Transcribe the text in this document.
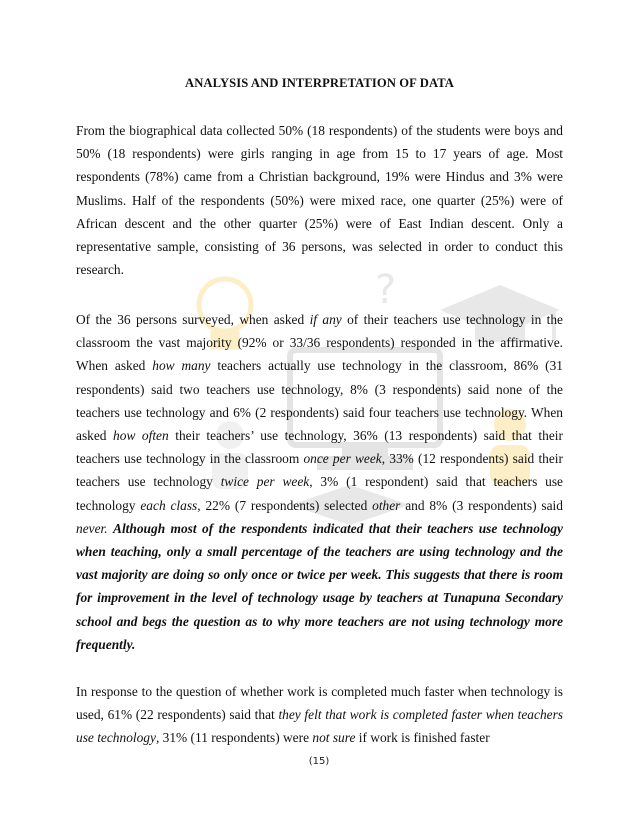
?
ANALYSIS AND INTERPRETATION OF DATA

From the biographical data collected 50% (18 respondents) of the students were boys and 50% (18 respondents) were girls ranging in age from 15 to 17 years of age. Most respondents (78%) came from a Christian background, 19% were Hindus and 3% were Muslims. Half of the respondents (50%) were mixed race, one quarter (25%) were of African descent and the other quarter (25%) were of East Indian descent. Only a representative sample, consisting of 36 persons, was selected in order to conduct this research.

Of the 36 persons surveyed, when asked if any of their teachers use technology in the classroom the vast majority (92% or 33/36 respondents) responded in the affirmative. When asked how many teachers actually use technology in the classroom, 86% (31 respondents) said two teachers use technology, 8% (3 respondents) said none of the teachers use technology and 6% (2 respondents) said four teachers use technology. When asked how often their teachers’ use technology, 36% (13 respondents) said that their teachers use technology in the classroom once per week, 33% (12 respondents) said their teachers use technology twice per week, 3% (1 respondent) said that teachers use technology each class, 22% (7 respondents) selected other and 8% (3 respondents) said never. Although most of the respondents indicated that their teachers use technology when teaching, only a small percentage of the teachers are using technology and the vast majority are doing so only once or twice per week. This suggests that there is room for improvement in the level of technology usage by teachers at Tunapuna Secondary school and begs the question as to why more teachers are not using technology more frequently.

In response to the question of whether work is completed much faster when technology is used, 61% (22 respondents) said that they felt that work is completed faster when teachers use technology, 31% (11 respondents) were not sure if work is finished faster

(15)
